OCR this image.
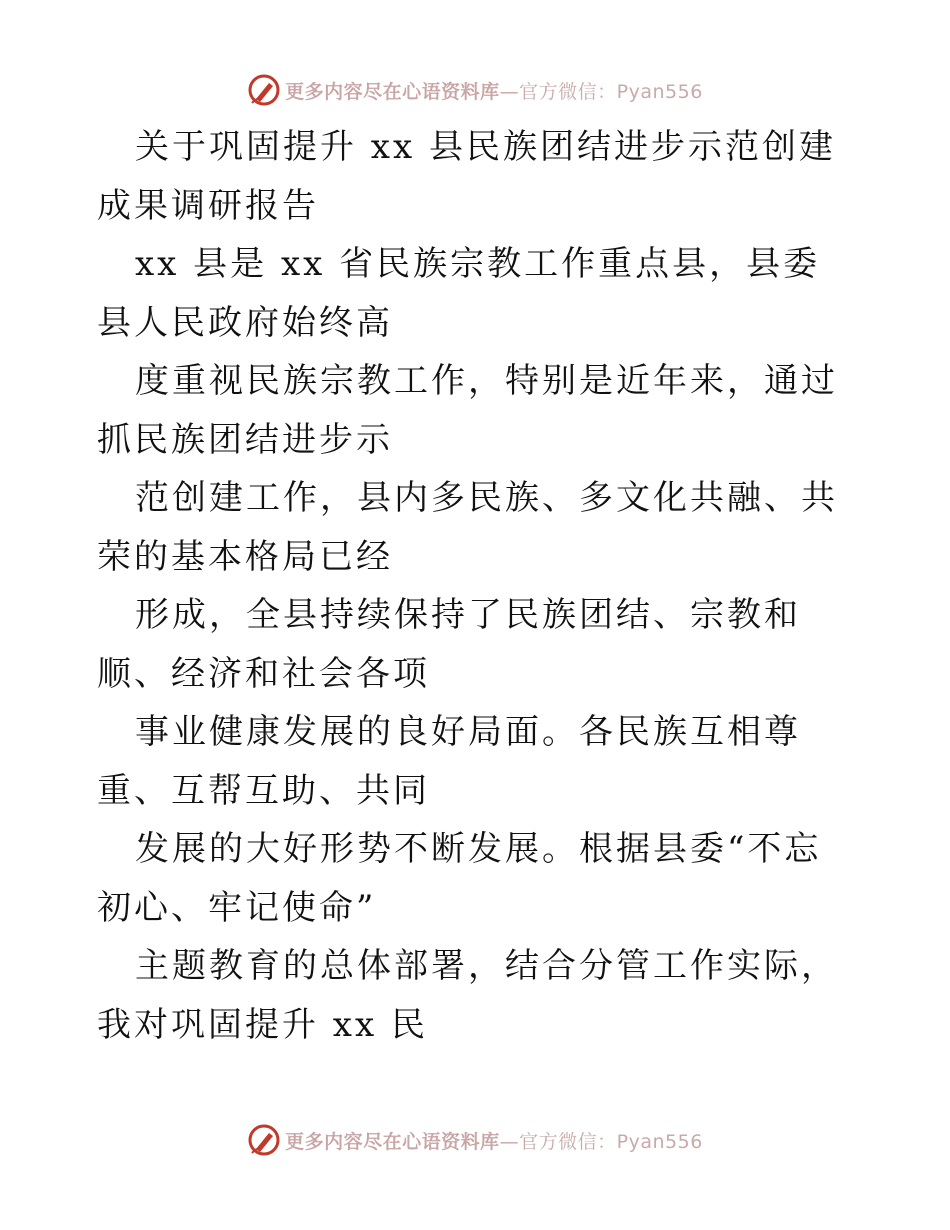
更多内容尽在心语资料库—官方微信：Pyan556

关于巩固提升 xx 县民族团结进步示范创建成果调研报告

xx 县是 xx 省民族宗教工作重点县，县委县人民政府始终高

度重视民族宗教工作，特别是近年来，通过抓民族团结进步示

范创建工作，县内多民族、多文化共融、共荣的基本格局已经

形成，全县持续保持了民族团结、宗教和顺、经济和社会各项

事业健康发展的良好局面。各民族互相尊重、互帮互助、共同

发展的大好形势不断发展。根据县委“不忘初心、牢记使命”

主题教育的总体部署，结合分管工作实际，我对巩固提升 xx 民

更多内容尽在心语资料库—官方微信：Pyan556
